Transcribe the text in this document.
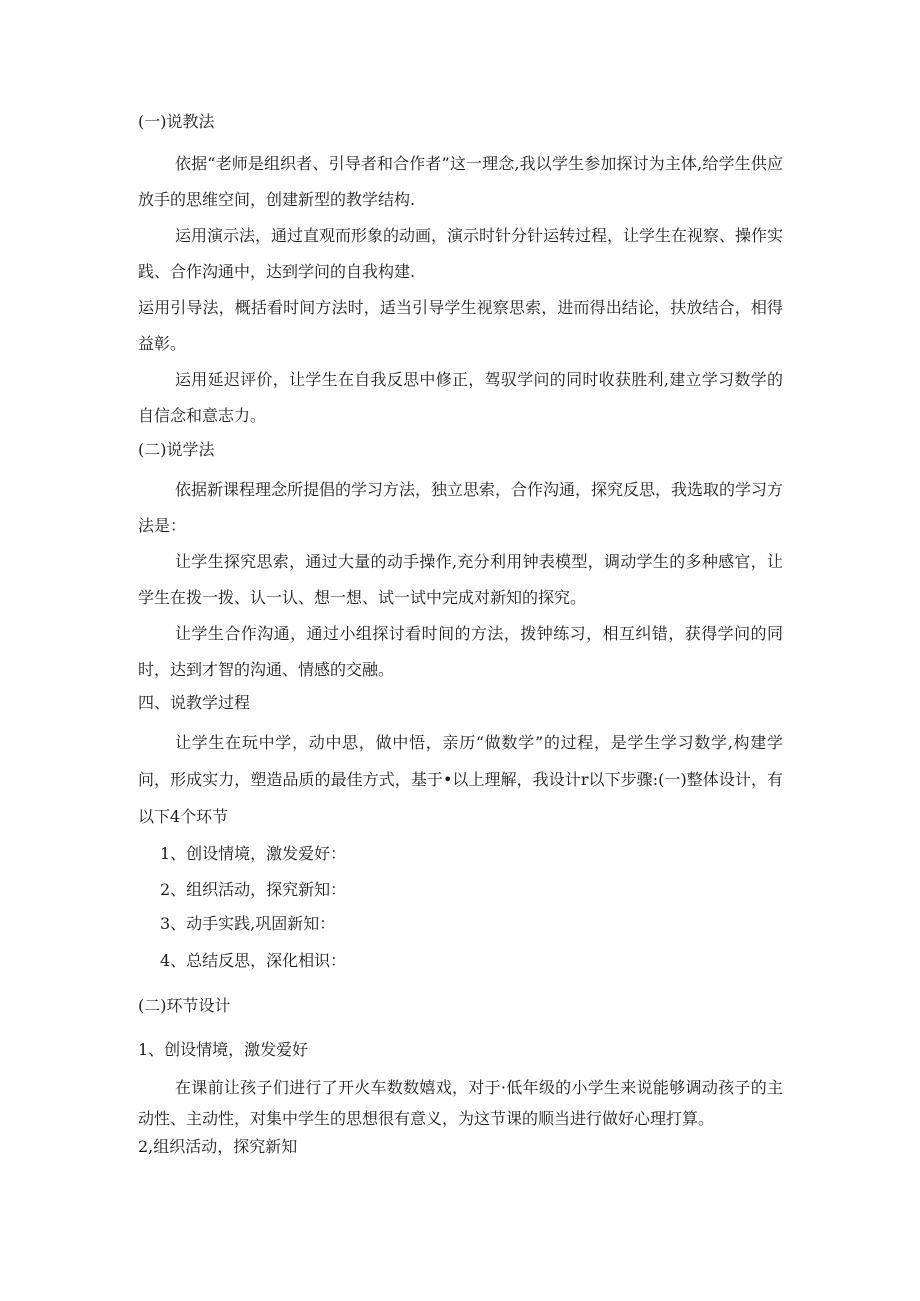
(一)说教法

依据“老师是组织者、引导者和合作者”这一理念,我以学生参加探讨为主体,给学生供应放手的思维空间，创建新型的教学结构.

运用演示法，通过直观而形象的动画，演示时针分针运转过程，让学生在视察、操作实践、合作沟通中，达到学问的自我构建.

运用引导法，概括看时间方法时，适当引导学生视察思索，进而得出结论，扶放结合，相得益彰。

运用延迟评价，让学生在自我反思中修正，驾驭学问的同时收获胜利,建立学习数学的自信念和意志力。

(二)说学法

依据新课程理念所提倡的学习方法，独立思索，合作沟通，探究反思，我选取的学习方法是：

让学生探究思索，通过大量的动手操作,充分利用钟表模型，调动学生的多种感官，让学生在拨一拨、认一认、想一想、试一试中完成对新知的探究。

让学生合作沟通，通过小组探讨看时间的方法，拨钟练习，相互纠错，获得学问的同时，达到才智的沟通、情感的交融。

四、说教学过程

让学生在玩中学，动中思，做中悟，亲历“做数学”的过程，是学生学习数学,构建学问，形成实力，塑造品质的最佳方式，基于•以上理解，我设计r以下步骤:(一)整体设计，有以下4个环节

1、创设情境，激发爱好：

2、组织活动，探究新知：

3、动手实践,巩固新知：

4、总结反思，深化相识：

(二)环节设计

1、创设情境，激发爱好

在课前让孩子们进行了开火车数数嬉戏，对于·低年级的小学生来说能够调动孩子的主动性、主动性，对集中学生的思想很有意义，为这节课的顺当进行做好心理打算。

2,组织活动，探究新知
